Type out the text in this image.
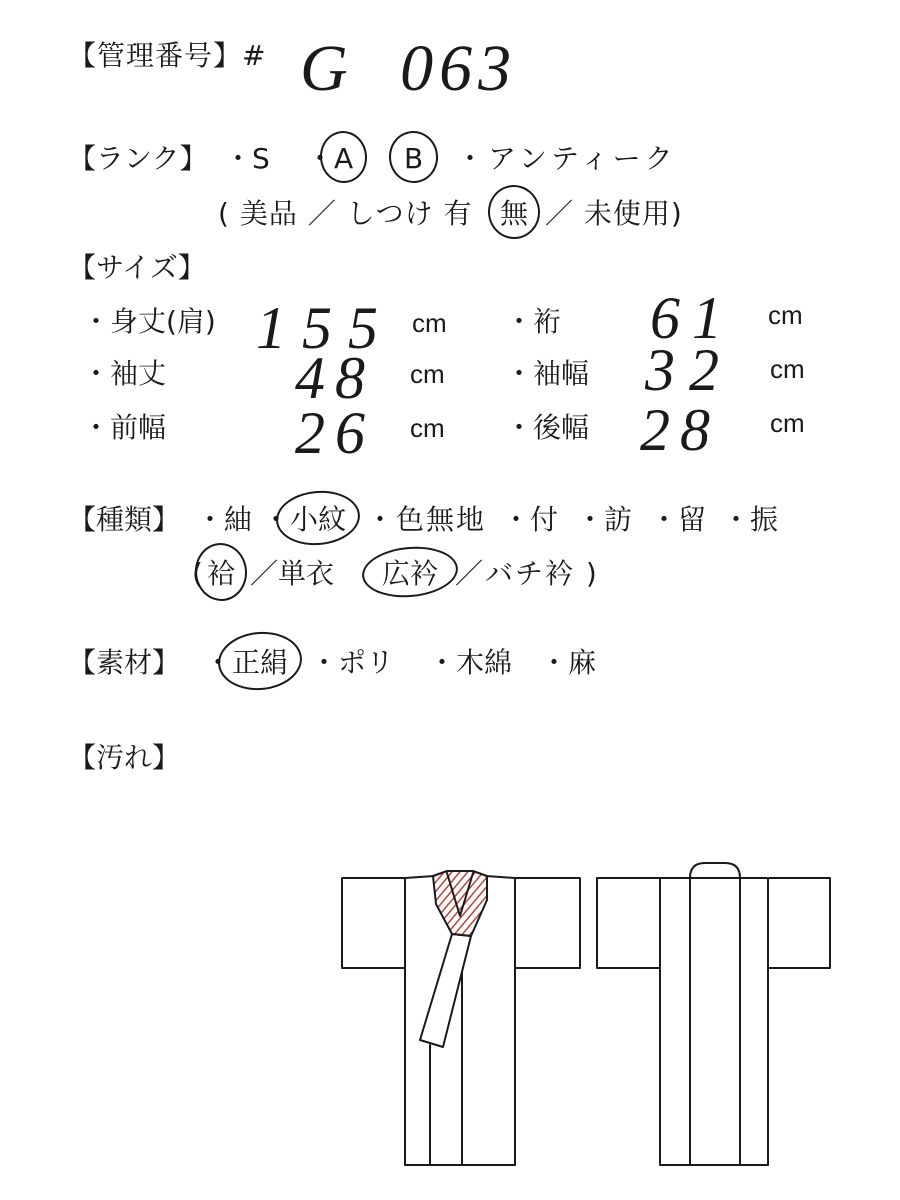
【管理番号】# G 063
【ランク】 ・S ・A B ・アンティーク
( 美品 ／ しつけ 有 無 ／ 未使用)
【サイズ】
・身丈(肩) 155 cm ・裄 61 cm
・袖丈 48 cm ・袖幅 32 cm
・前幅 26 cm ・後幅 28 cm
【種類】 ・紬 ・小紋 ・色無地 ・付 ・訪 ・留 ・振
( 袷 ／単衣 広衿 ／バチ衿 )
【素材】 ・正絹 ・ポリ ・木綿 ・麻
【汚れ】
